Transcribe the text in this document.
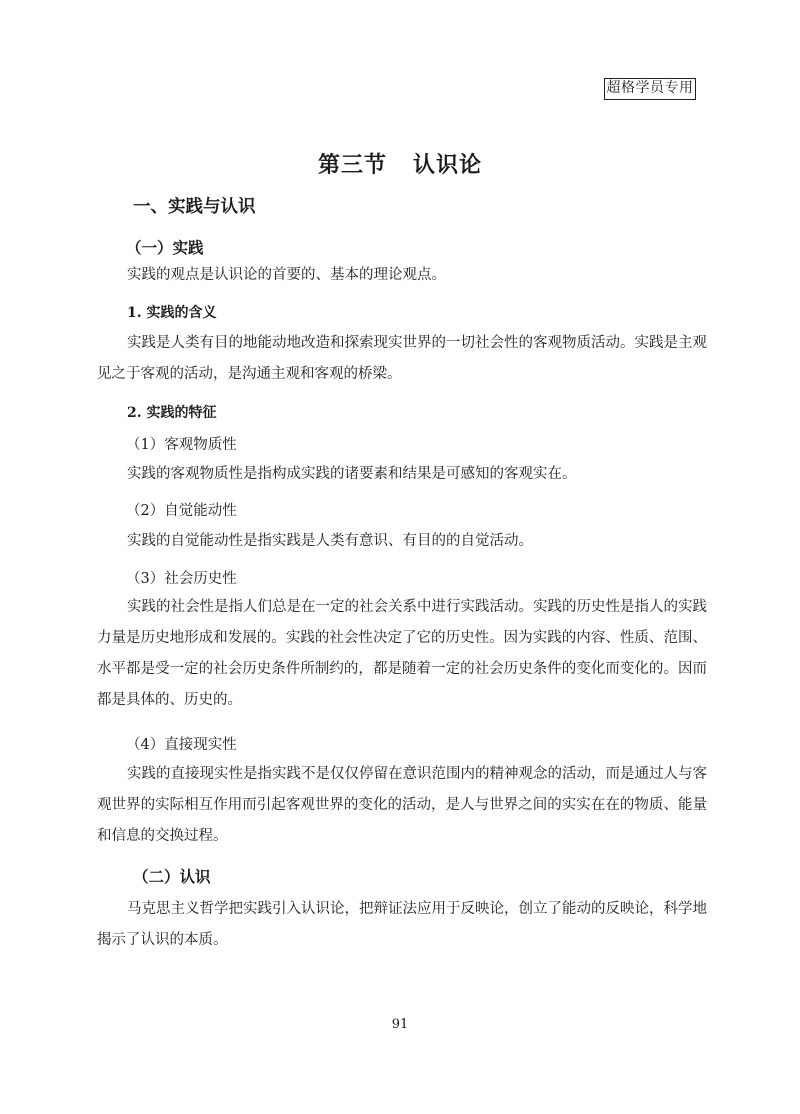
超格学员专用
第三节 认识论
一、实践与认识
（一）实践
实践的观点是认识论的首要的、基本的理论观点。
1. 实践的含义
实践是人类有目的地能动地改造和探索现实世界的一切社会性的客观物质活动。实践是主观见之于客观的活动，是沟通主观和客观的桥梁。
2. 实践的特征
（1）客观物质性
实践的客观物质性是指构成实践的诸要素和结果是可感知的客观实在。
（2）自觉能动性
实践的自觉能动性是指实践是人类有意识、有目的的自觉活动。
（3）社会历史性
实践的社会性是指人们总是在一定的社会关系中进行实践活动。实践的历史性是指人的实践力量是历史地形成和发展的。实践的社会性决定了它的历史性。因为实践的内容、性质、范围、水平都是受一定的社会历史条件所制约的，都是随着一定的社会历史条件的变化而变化的。因而都是具体的、历史的。
（4）直接现实性
实践的直接现实性是指实践不是仅仅停留在意识范围内的精神观念的活动，而是通过人与客观世界的实际相互作用而引起客观世界的变化的活动，是人与世界之间的实实在在的物质、能量和信息的交换过程。
（二）认识
马克思主义哲学把实践引入认识论，把辩证法应用于反映论，创立了能动的反映论，科学地揭示了认识的本质。
91
